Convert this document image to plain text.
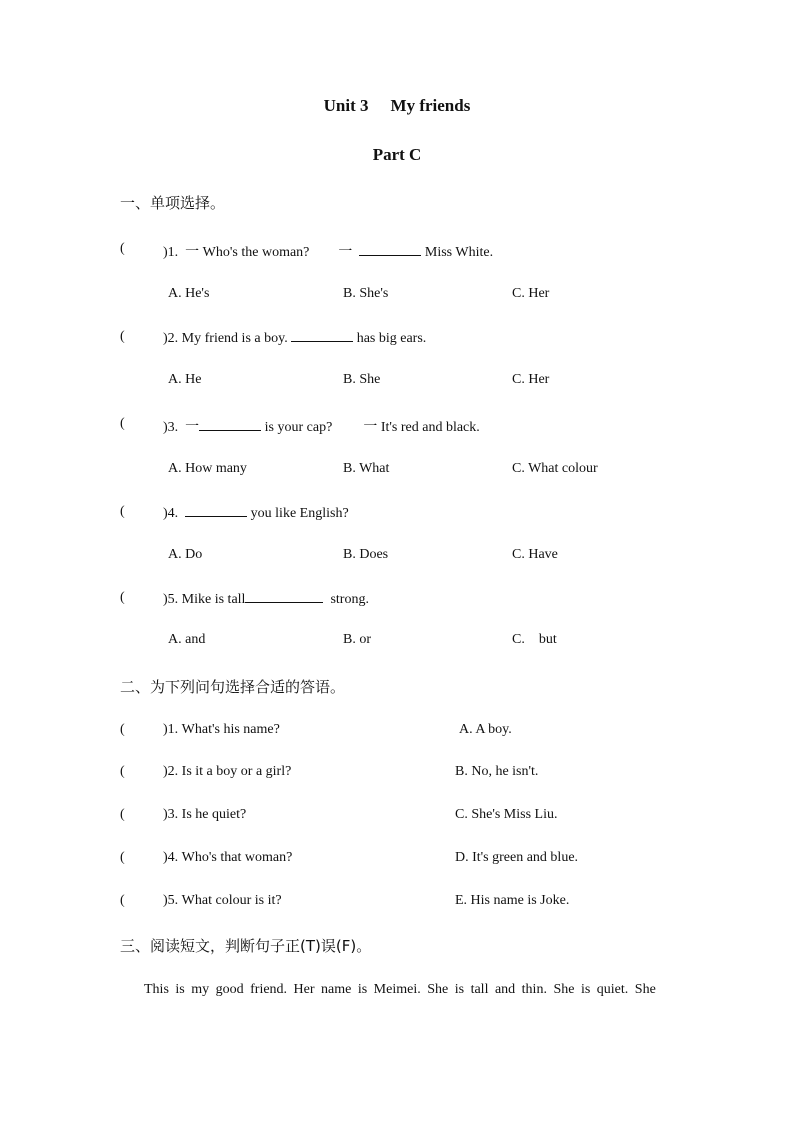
Unit 3 My friends
Part C
一、单项选择。
(	)1. 一 Who's the woman? 一	Miss White.
A. He's	B. She's	C. Her
(	)2. My friend is a boy.	has big ears.
A. He	B. She	C. Her
(	)3. 一	is your cap? 一 It's red and black.
A. How many	B. What	C. What colour
(	)4.	you like English?
A. Do	B. Does	C. Have
(	)5. Mike is tall	strong.
A. and	B. or	C. but
二、为下列问句选择合适的答语。
(	)1. What's his name?	A. A boy.
(	)2. Is it a boy or a girl?	B. No, he isn't.
(	)3. Is he quiet?	C. She's Miss Liu.
(	)4. Who's that woman?	D. It's green and blue.
(	)5. What colour is it?	E. His name is Joke.
三、阅读短文，判断句子正(T)误(F)。
This is my good friend. Her name is Meimei. She is tall and thin. She is quiet. She
